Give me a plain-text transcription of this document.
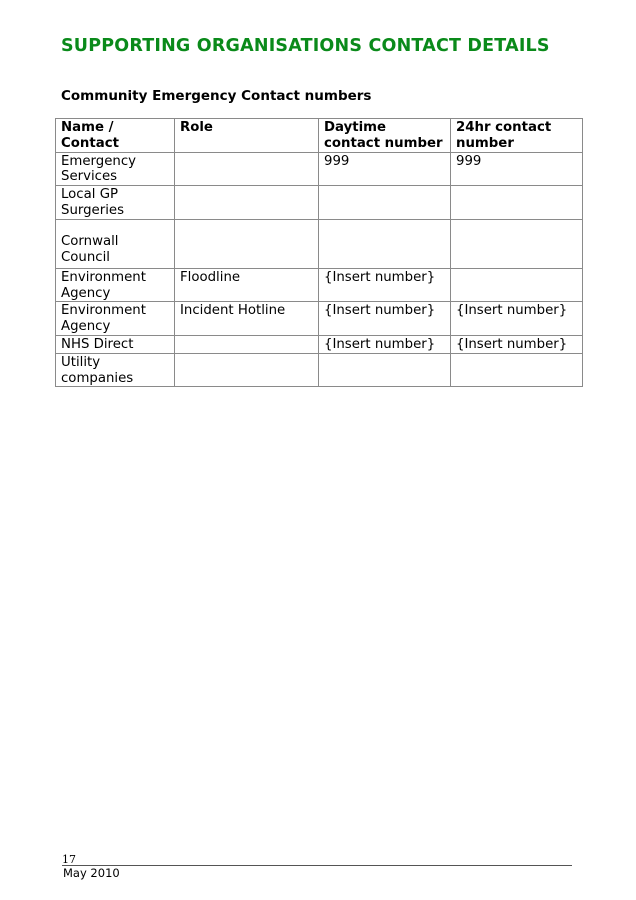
SUPPORTING ORGANISATIONS CONTACT DETAILS
Community Emergency Contact numbers
Name / Contact	Role	Daytime contact number	24hr contact number
Emergency Services		999	999
Local GP Surgeries			
Cornwall Council			
Environment Agency	Floodline	{Insert number}	
Environment Agency	Incident Hotline	{Insert number}	{Insert number}
NHS Direct		{Insert number}	{Insert number}
Utility companies			
17
May 2010
